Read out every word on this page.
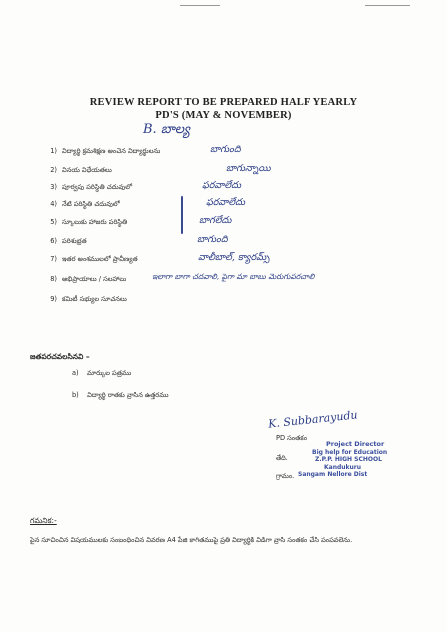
REVIEW REPORT TO BE PREPARED HALF YEARLY
PD'S (MAY & NOVEMBER)
B. బాల్య
1) విద్యార్థి క్రమశిక్షణ అంచెన విద్యార్థులను	బాగుంది
2) వినయ విధేయతలు	బాగున్నాయి
3) పూర్వపు పరిస్థితి చదువులో	ఫరవాలేదు
4) నేటి పరిస్థితి చదువులో	ఫరవాలేదు
5) స్కూలుకు హాజరు పరిస్థితి	బాగలేదు
6) పరిశుభ్రత	బాగుంది
7) ఇతర అంశములలో ప్రావీణ్యత	వాలీబాల్, క్యారమ్స్
8) అభిప్రాయాలు / సలహాలు	ఇలాగా బాగా చదవాలి, పైగా మా బాబు మెరుగుపరచాలి
9) కమిటీ సభ్యుల సూచనలు
జతపరచవలసినవి –
a) మార్కుల పత్రము
b) విద్యార్థి రాతకు వ్రాసిన ఉత్తరము
K. Subbarayudu
PD సంతకం
తేది.
గ్రామం.
Project Director
Big help for Education
Z.P.P. HIGH SCHOOL
Kandukuru
Sangam Nellore Dist
గమనిక:-
పైన సూచించిన విషయములకు సంబంధించిన వివరణ A4 పేజి కాగితముపై ప్రతి విద్యార్థికి విడిగా వ్రాసి సంతకం చేసి పంపవలెను.
